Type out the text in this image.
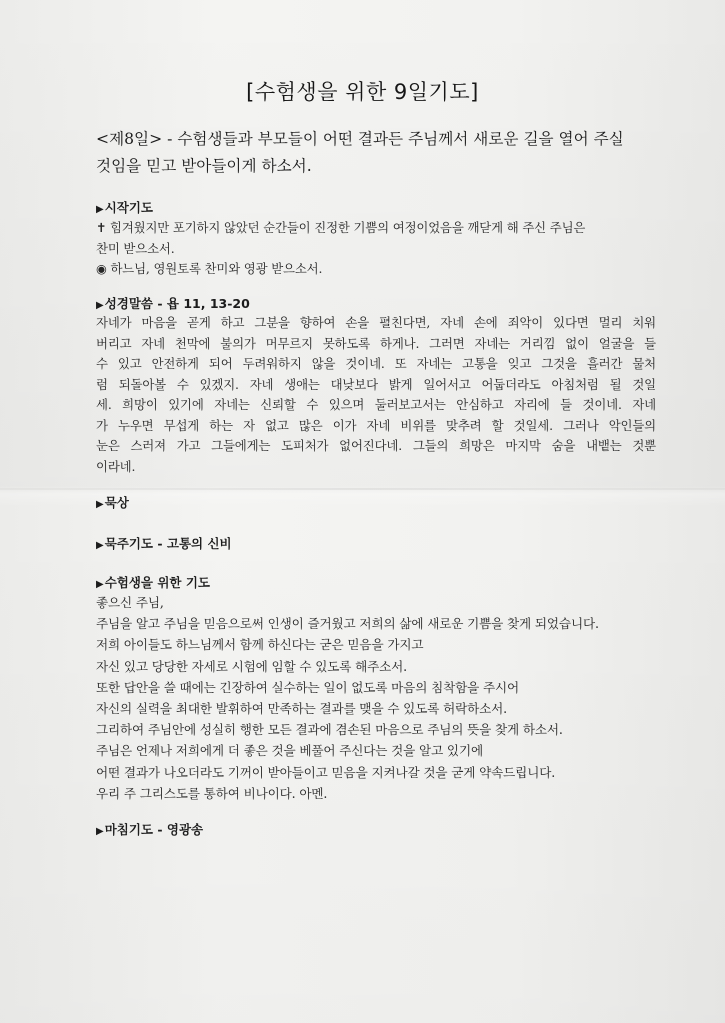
[수험생을 위한 9일기도]
<제8일> - 수험생들과 부모들이 어떤 결과든 주님께서 새로운 길을 열어 주실
것임을 믿고 받아들이게 하소서.
▶시작기도
✝ 힘겨웠지만 포기하지 않았던 순간들이 진정한 기쁨의 여정이었음을 깨닫게 해 주신 주님은
찬미 받으소서.
◉ 하느님, 영원토록 찬미와 영광 받으소서.
▶성경말씀 - 욥 11, 13-20
자네가 마음을 곧게 하고 그분을 향하여 손을 펼친다면, 자네 손에 죄악이 있다면 멀리 치워
버리고 자네 천막에 불의가 머무르지 못하도록 하게나. 그러면 자네는 거리낌 없이 얼굴을 들
수 있고 안전하게 되어 두려워하지 않을 것이네. 또 자네는 고통을 잊고 그것을 흘러간 물처
럼 되돌아볼 수 있겠지. 자네 생애는 대낮보다 밝게 일어서고 어둡더라도 아침처럼 될 것일
세. 희망이 있기에 자네는 신뢰할 수 있으며 둘러보고서는 안심하고 자리에 들 것이네. 자네
가 누우면 무섭게 하는 자 없고 많은 이가 자네 비위를 맞추려 할 것일세. 그러나 악인들의
눈은 스러져 가고 그들에게는 도피처가 없어진다네. 그들의 희망은 마지막 숨을 내뱉는 것뿐
이라네.
▶묵상
▶묵주기도 - 고통의 신비
▶수험생을 위한 기도
좋으신 주님,
주님을 알고 주님을 믿음으로써 인생이 즐거웠고 저희의 삶에 새로운 기쁨을 찾게 되었습니다.
저희 아이들도 하느님께서 함께 하신다는 굳은 믿음을 가지고
자신 있고 당당한 자세로 시험에 임할 수 있도록 해주소서.
또한 답안을 쓸 때에는 긴장하여 실수하는 일이 없도록 마음의 침착함을 주시어
자신의 실력을 최대한 발휘하여 만족하는 결과를 맺을 수 있도록 허락하소서.
그리하여 주님안에 성실히 행한 모든 결과에 겸손된 마음으로 주님의 뜻을 찾게 하소서.
주님은 언제나 저희에게 더 좋은 것을 베풀어 주신다는 것을 알고 있기에
어떤 결과가 나오더라도 기꺼이 받아들이고 믿음을 지켜나갈 것을 굳게 약속드립니다.
우리 주 그리스도를 통하여 비나이다. 아멘.
▶마침기도 - 영광송
